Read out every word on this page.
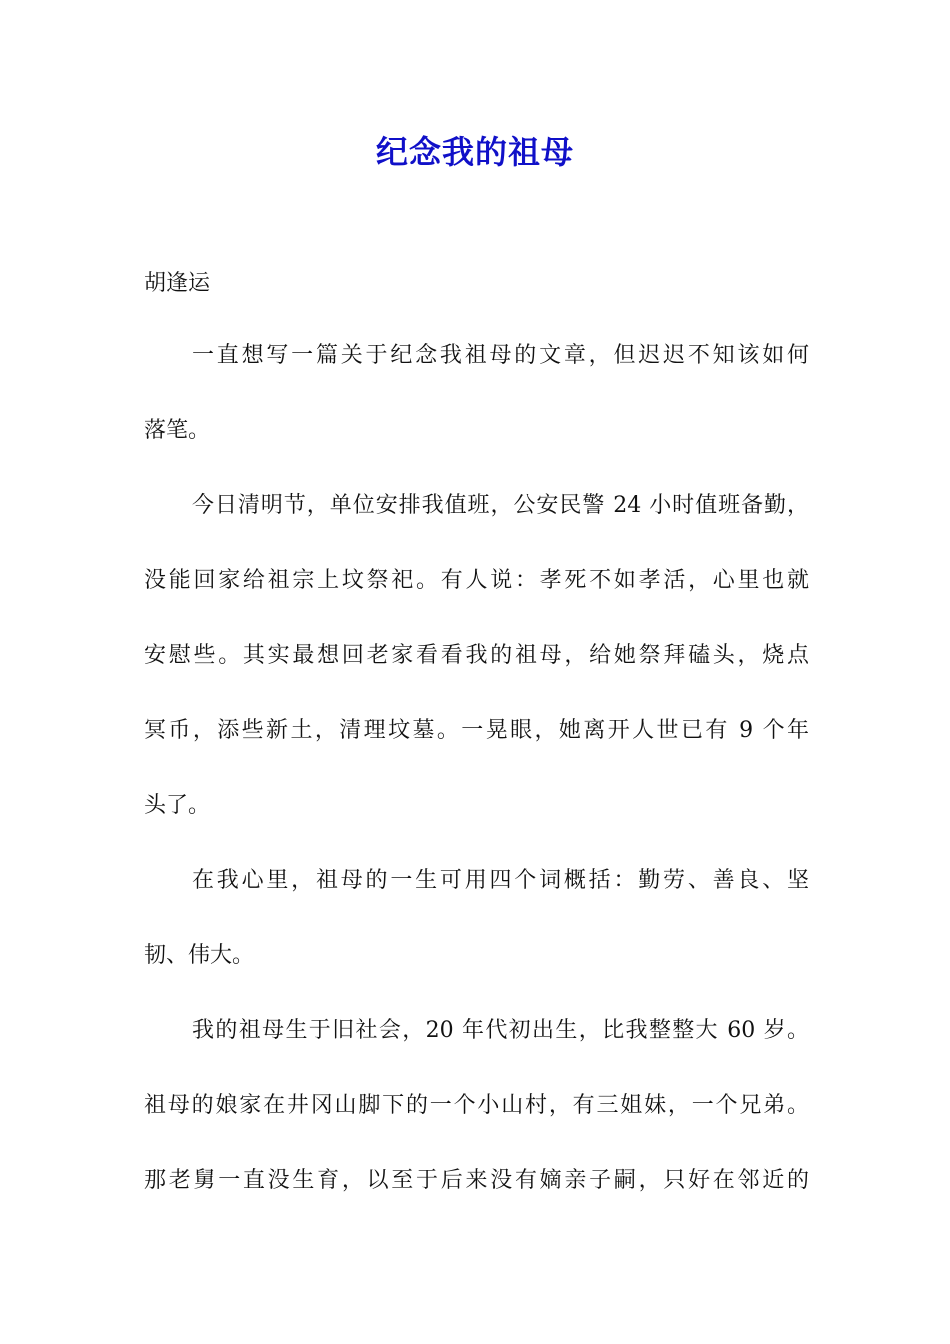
纪念我的祖母
胡逢运
一直想写一篇关于纪念我祖母的文章，但迟迟不知该如何
落笔。
今日清明节，单位安排我值班，公安民警 24 小时值班备勤，
没能回家给祖宗上坟祭祀。有人说：孝死不如孝活，心里也就
安慰些。其实最想回老家看看我的祖母，给她祭拜磕头，烧点
冥币，添些新土，清理坟墓。一晃眼，她离开人世已有 9 个年
头了。
在我心里，祖母的一生可用四个词概括：勤劳、善良、坚
韧、伟大。
我的祖母生于旧社会，20 年代初出生，比我整整大 60 岁。
祖母的娘家在井冈山脚下的一个小山村，有三姐妹，一个兄弟。
那老舅一直没生育，以至于后来没有嫡亲子嗣，只好在邻近的
